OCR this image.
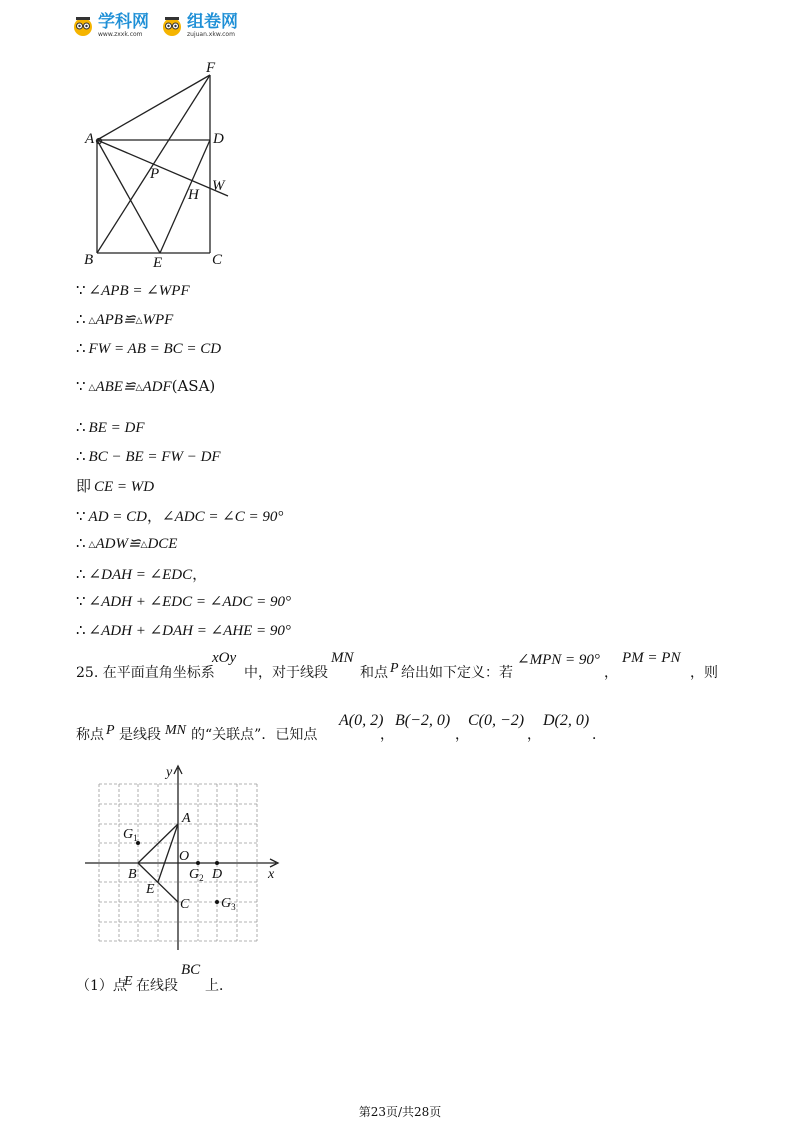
学科网
www.zxxk.com
组卷网
zujuan.xkw.com
F
A	D
P
H
W
B	E	C
∵ ∠APB = ∠WPF
∴ △APB≌△WPF
∴ FW = AB = BC = CD
∵ △ABE≌△ADF(ASA)
∴ BE = DF
∴ BC − BE = FW − DF
即 CE = WD
∵ AD = CD，∠ADC = ∠C = 90°
∴ △ADW≌△DCE
∴ ∠DAH = ∠EDC，
∵ ∠ADH + ∠EDC = ∠ADC = 90°
∴ ∠ADH + ∠DAH = ∠AHE = 90°
25. 在平面直角坐标系
xOy
中，对于线段
MN
和点 P 给出如下定义：若
∠MPN = 90°
，
PM = PN
，则
称点 P 是线段 MN 的“关联点”．已知点
A(0, 2)
，
B(−2, 0)
，
C(0, −2)
，
D(2, 0)
．
y
x
A
O
B
E
C
D
$G_1$
$G_2$
$G_3$
（1）点
E 在线段
BC
上．
第23页/共28页
